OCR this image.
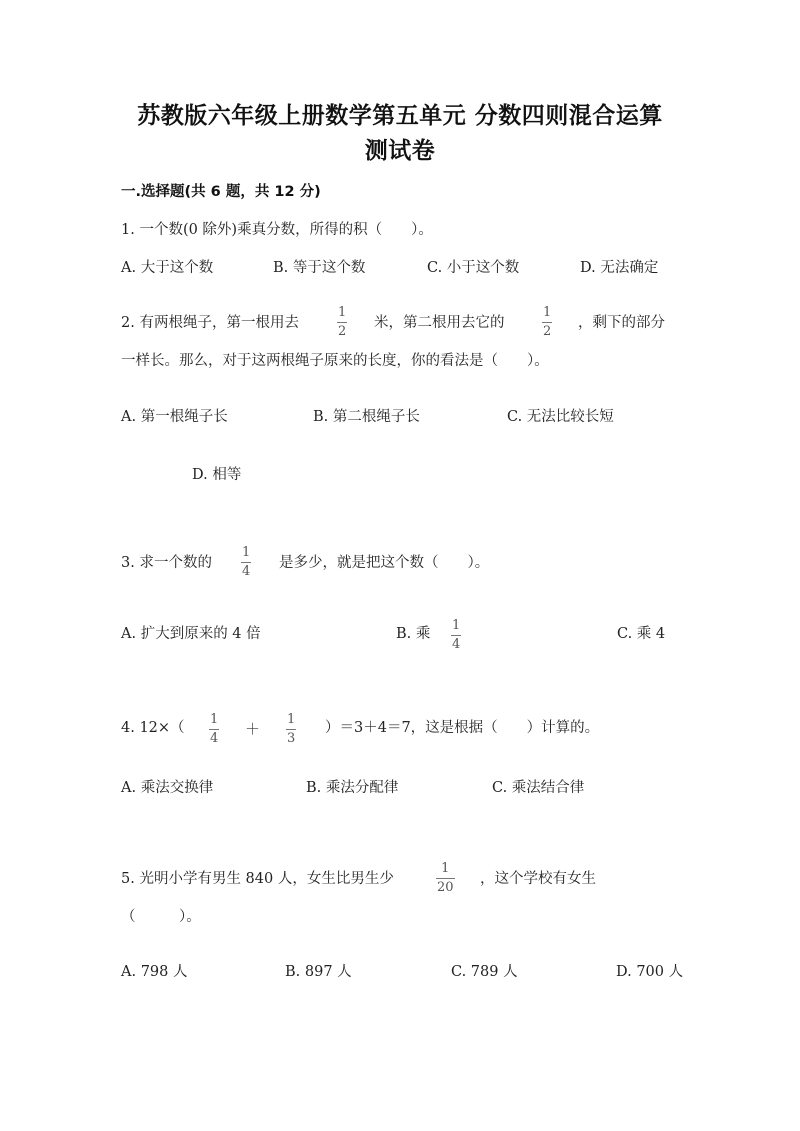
苏教版六年级上册数学第五单元 分数四则混合运算
测试卷
一.选择题(共 6 题，共 12 分)
1. 一个数(0 除外)乘真分数，所得的积（　　）。
A. 大于这个数	B. 等于这个数	C. 小于这个数	D. 无法确定
2. 有两根绳子，第一根用去
1
2
米，第二根用去它的
1
2
，剩下的部分
一样长。那么，对于这两根绳子原来的长度，你的看法是（　　）。
A. 第一根绳子长	B. 第二根绳子长	C. 无法比较长短
D. 相等
3. 求一个数的
1
4
是多少，就是把这个数（　　）。
A. 扩大到原来的 4 倍	B. 乘
1
4
C. 乘 4
4. 12×（
1
4
＋
1
3
）＝3＋4＝7，这是根据（　　）计算的。
A. 乘法交换律	B. 乘法分配律	C. 乘法结合律
5. 光明小学有男生 840 人，女生比男生少
1
20
，这个学校有女生
（　　　）。
A. 798 人	B. 897 人	C. 789 人	D. 700 人
